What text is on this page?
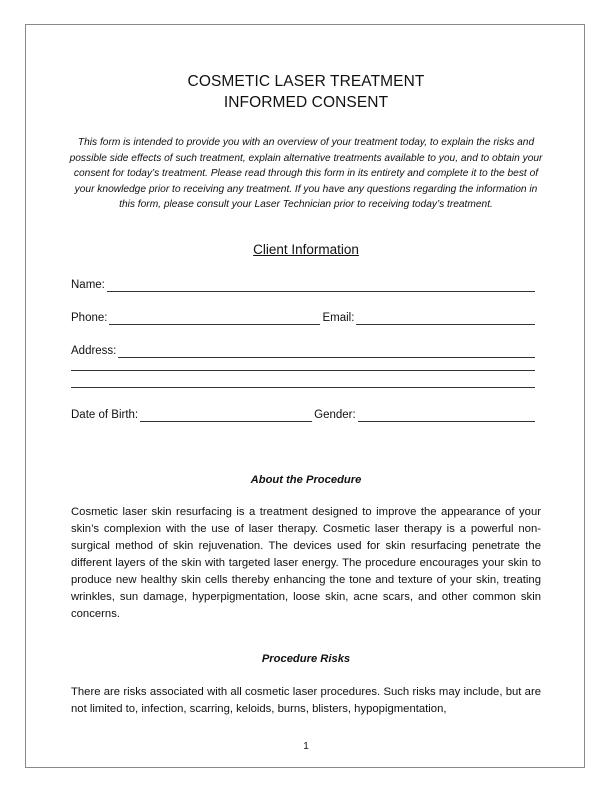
COSMETIC LASER TREATMENT
INFORMED CONSENT
This form is intended to provide you with an overview of your treatment today, to explain the risks and possible side effects of such treatment, explain alternative treatments available to you, and to obtain your consent for today’s treatment. Please read through this form in its entirety and complete it to the best of your knowledge prior to receiving any treatment. If you have any questions regarding the information in this form, please consult your Laser Technician prior to receiving today’s treatment.
Client Information
Name:
Phone:	Email:
Address:
Date of Birth:	Gender:
About the Procedure
Cosmetic laser skin resurfacing is a treatment designed to improve the appearance of your skin’s complexion with the use of laser therapy. Cosmetic laser therapy is a powerful non-surgical method of skin rejuvenation. The devices used for skin resurfacing penetrate the different layers of the skin with targeted laser energy. The procedure encourages your skin to produce new healthy skin cells thereby enhancing the tone and texture of your skin, treating wrinkles, sun damage, hyperpigmentation, loose skin, acne scars, and other common skin concerns.
Procedure Risks
There are risks associated with all cosmetic laser procedures. Such risks may include, but are not limited to, infection, scarring, keloids, burns, blisters, hypopigmentation,
1
